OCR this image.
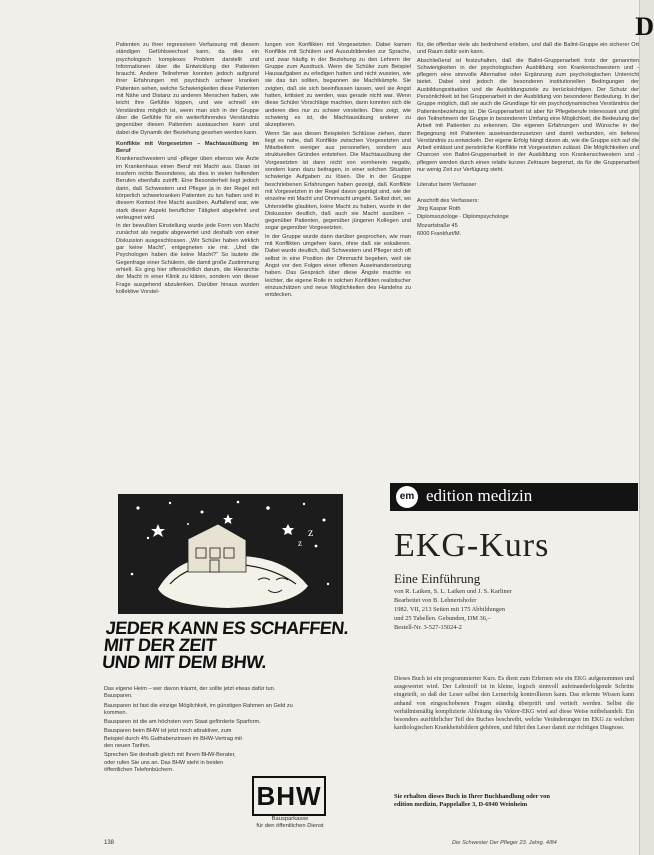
D

Patienten zu ihrer regressiven Verfassung mit diesem ständigen Gefühlswechsel kann, da dies ein psychologisch komplexes Problem darstellt und Informationen über die Entwicklung der Patienten braucht. Andere Teilnehmer konnten jedoch aufgrund ihrer Erfahrungen mit psychisch schwer kranken Patienten sehen, welche Schwierigkeiten diese Patienten mit Nähe und Distanz zu anderen Menschen haben, wie leicht ihre Gefühle kippen, und wie schnell ein Verständnis möglich ist, wenn man sich in der Gruppe über die Gefühle für ein weiterführendes Verständnis gegenüber diesen Patienten austauschen kann und dabei die Dynamik der Beziehung gesehen werden kann.

Konflikte mit Vorgesetzten – Machtausübung im Beruf

Krankenschwestern und -pfleger üben ebenso wie Ärzte im Krankenhaus einen Beruf mit Macht aus. Daran ist insofern nichts Besonderes, als dies in vielen helfenden Berufen ebenfalls zutrifft. Eine Besonderheit liegt jedoch darin, daß Schwestern und Pfleger ja in der Regel mit körperlich schwerkranken Patienten zu tun haben und in diesem Kontext ihre Macht ausüben. Auffallend war, wie stark dieser Aspekt beruflicher Tätigkeit abgelehnt und verleugnet wird.

In der bewußten Einstellung wurde jede Form von Macht zunächst als negativ abgewertet und deshalb von einer Diskussion ausgeschlossen. „Wir Schüler haben wirklich gar keine Macht“, entgegneten sie mir. „Und die Psychologen haben die keine Macht?“ So lautete die Gegenfrage einer Schülerin, die damit große Zustimmung erhielt. Es ging hier offensichtlich darum, die Hierarchie der Macht in einer Klinik zu klären, sondern von dieser Frage ausgehend abzulenken. Darüber hinaus wurden kollektive Vorstel-

lungen von Konflikten mit Vorgesetzten. Dabei kamen Konflikte mit Schülern und Auszubildenden zur Sprache, und zwar häufig in der Beziehung zu den Lehrern der Gruppe zum Ausdruck. Wenn die Schüler zum Beispiel Hausaufgaben zu erledigen hatten und nicht wussten, wie sie das tun sollten, begannen sie Machtkämpfe. Sie zeigten, daß sie sich beeinflussen lassen, weil sie Angst hatten, kritisiert zu werden, was gerade nicht war. Wenn diese Schüler Vorschläge machten, dann konnten sich die anderen dies nur zu schwer vorstellen. Dies zeigt, wie schwierig es ist, die Machtausübung anderer zu akzeptieren.

Wenn Sie aus diesen Beispielen Schlüsse ziehen, dann liegt es nahe, daß Konflikte zwischen Vorgesetzten und Mitarbeitern weniger aus personellen, sondern aus strukturellen Gründen entstehen. Die Machtausübung der Vorgesetzten ist dann nicht von vornherein negativ, sondern kann dazu beitragen, in einer solchen Situation schwierige Aufgaben zu lösen. Die in der Gruppe beschriebenen Erfahrungen haben gezeigt, daß Konflikte mit Vorgesetzten in der Regel davon geprägt sind, wie der einzelne mit Macht und Ohnmacht umgeht. Selbst dort, wo Unterstellte glaubten, keine Macht zu haben, wurde in der Diskussion deutlich, daß auch sie Macht ausüben – gegenüber Patienten, gegenüber jüngeren Kollegen und sogar gegenüber Vorgesetzten.

In der Gruppe wurde dann darüber gesprochen, wie man mit Konflikten umgehen kann, ohne daß sie eskalieren. Dabei wurde deutlich, daß Schwestern und Pfleger sich oft selbst in eine Position der Ohnmacht begeben, weil sie Angst vor den Folgen einer offenen Auseinandersetzung haben. Das Gespräch über diese Ängste machte es leichter, die eigene Rolle in solchen Konflikten realistischer einzuschätzen und neue Möglichkeiten des Handelns zu entdecken.

für, die offenbar viele als bedrohend erleben, und daß die Balint-Gruppe ein sicherer Ort und Raum dafür sein kann.

Abschließend ist festzuhalten, daß die Balint-Gruppenarbeit trotz der genannten Schwierigkeiten in der psychologischen Ausbildung von Krankenschwestern und -pflegern eine sinnvolle Alternative oder Ergänzung zum psychologischen Unterricht bietet. Dabei sind jedoch die besonderen institutionellen Bedingungen der Ausbildungssituation und die Ausbildungsziele zu berücksichtigen. Der Schutz der Persönlichkeit ist bei Gruppenarbeit in der Ausbildung von besonderer Bedeutung. In der Gruppe möglich, daß sie auch die Grundlage für ein psychodynamisches Verständnis der Patientenbeziehung ist. Die Gruppenarbeit ist aber für Pflegeberufe interessant und gibt den Teilnehmern der Gruppe in besonderem Umfang eine Möglichkeit, die Bedeutung der Arbeit mit Patienten zu erkennen. Die eigenen Erfahrungen und Wünsche in der Begegnung mit Patienten auseinanderzusetzen und damit verbunden, ein tieferes Verständnis zu entwickeln. Der eigene Erfolg hängt davon ab, wie die Gruppe sich auf die Arbeit einlässt und persönliche Konflikte mit Vorgesetzten zulässt. Die Möglichkeiten und Chancen von Balint-Gruppenarbeit in der Ausbildung von Krankenschwestern und -pflegern werden durch einen relativ kurzen Zeitraum begrenzt, da für die Gruppenarbeit nur wenig Zeit zur Verfügung steht.

Literatur beim Verfasser

Anschrift des Verfassers:

Jörg Kaspar Roth

Diplomsoziologe · Diplompsychologe

Mozartstraße 45

6000 Frankfurt/M.

z
z
JEDER KANN ES SCHAFFEN.
MIT DER ZEIT
UND MIT DEM BHW.

Das eigene Heim – wer davon träumt, der sollte jetzt etwas dafür tun. Bausparen.

Bausparen ist fast die einzige Möglichkeit, im günstigen Rahmen an Geld zu kommen.

Bausparen ist die am höchsten vom Staat geförderte Sparform.

Bausparen beim BHW ist jetzt noch attraktiver, zum Beispiel durch 4% Guthabenzinsen im BHW-Vertrag mit den neuen Tarifen.

Sprechen Sie deshalb gleich mit Ihrem BHW-Berater, oder rufen Sie uns an. Das BHW steht in beiden öffentlichen Telefonbüchern.

BHW
Bausparkasse
für den öffentlichen Dienst
em edition medizin
EKG-Kurs
Eine Einführung
von R. Laiken, S. L. Laiken und J. S. Karliner
Bearbeitet von B. Lehnertshofer
1982. VII, 213 Seiten mit 175 Abbildungen
und 25 Tabellen. Gebunden, DM 36,–
Bestell-Nr. 3-527-15024-2
Dieses Buch ist ein programmierter Kurs. Es dient zum Erlernen wie ein EKG aufgenommen und ausgewertet wird. Der Lehrstoff ist in kleine, logisch sinnvoll aufeinanderfolgende Schritte eingeteilt, so daß der Leser selbst den Lernerfolg kontrollieren kann. Das erlernte Wissen kann anhand von eingeschobenen Fragen ständig überprüft und vertieft werden. Selbst die verhältnismäßig komplizierte Ableitung des Vektor-EKG wird auf diese Weise mitbehandelt. Ein besonders ausführlicher Teil des Buches beschreibt, welche Veränderungen im EKG zu welchen kardiologischen Krankheitsbildern gehören, und führt den Leser damit zur richtigen Diagnose.
Sie erhalten dieses Buch in Ihrer Buchhandlung oder von
edition medizin, Pappelallee 3, D-6940 Weinheim
138	Die Schwester Der Pfleger 23. Jahrg. 4/84
